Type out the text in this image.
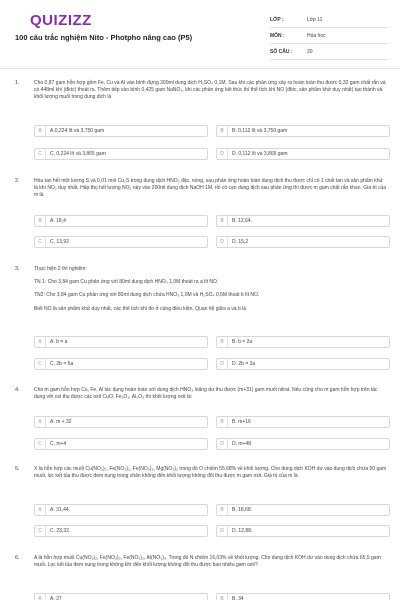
QUIZIZZ
100 câu trắc nghiệm Nito - Photpho nâng cao (P5)
LỚP :	Lớp 11
MÔN :	Hóa học
SỐ CÂU :	20
1.	Cho 0,87 gam hỗn hợp gồm Fe, Cu và Al vào bình đựng 300ml dung dịch H₂SO₄ 0,1M. Sau khi các phản ứng xảy ra hoàn toàn thu được 0,32 gam chất rắn và có 448ml khí (đktc) thoát ra. Thêm tiếp vào bình 0,425 gam NaNO₃, khi các phản ứng kết thúc thì thể tích khí NO (đktc, sản phẩm khử duy nhất) tạo thành và khối lượng muối trong dung dịch là

A	A.0,224 lít và 3,750 gam	B	B. 0,112 lít và 3,750 gam
C	C. 0,224 lít và 3,865 gam	D	D. 0,112 lít và 3,865 gam
2.	Hòa tan hết một lượng S và 0,01 mol Cu₂S trong dung dịch HNO₃ đặc, nóng, sau phản ứng hoàn toàn dung dịch thu được chỉ có 1 chất tan và sản phẩm khử là khí NO₂ duy nhất. Hấp thụ hết lượng NO₂ này vào 200ml dung dịch NaOH 1M, rồi cô cạn dung dịch sau phản ứng thì được m gam chất rắn khan. Giá trị của m là

A	A. 18,4	B	B. 12,64.
C	C. 13,92	D	D. 15,2
3.	Thực hiện 2 thí nghiệm:

TN 1: Cho 3,84 gam Cu phản ứng với 80ml dung dịch HNO₃ 1,0M thoát ra a lít NO.

TN2: Cho 3,84 gam Cu phản ứng với 80ml dung dịch chứa HNO₃ 1,0M và H₂SO₄ 0,5M thoát b lít NO.

Biết NO là sản phẩm khử duy nhất, các thể tích khí đo ở cùng điều kiện. Quan hệ giữa a và b là

A	A. b = a	B	B. b = 2a
C	C. 2b = 5a	D	D. 2b = 3a
4.	Cho m gam hỗn hợp Cu, Fe, Al tác dụng hoàn toàn với dung dịch HNO₃ loãng dư thu được (m+31) gam muối nitrat. Nếu cũng cho m gam hỗn hợp trên tác dụng với oxi thu được các oxit CuO, Fe₂O₃, Al₂O₃ thì khối lượng oxit là:

A	A. m + 32	B	B. m+16
C	C. m+4	D	D. m+48
5.	X là hỗn hợp các muối Cu(NO₃)₂, Fe(NO₃)₂, Fe(NO₃)₃, Mg(NO₃)₂ trong đó O chiếm 55,68% về khối lượng. Cho dung dịch KOH dư vào dung dịch chứa 50 gam muối, lọc kết tủa thu được đem nung trong chân không đến khối lượng không đổi thu được m gam oxit. Giá trị của m là

A	A. 31,44.	B	B. 18,68.
C	C. 23,32.	D	D. 12,88.
6.	A là hỗn hợp muối Cu(NO₃)₂, Fe(NO₃)₃, Fe(NO₃)₂, Al(NO₃)₃. Trong đó N chiếm 16,03% về khối lượng. Cho dung dịch KOH dư vào dung dịch chứa 65,5 gam muối. Lọc kết tủa đem nung trong không khí đến khối lượng không đổi thu được bao nhiêu gam oxit?

A	A. 27	B	B. 34
